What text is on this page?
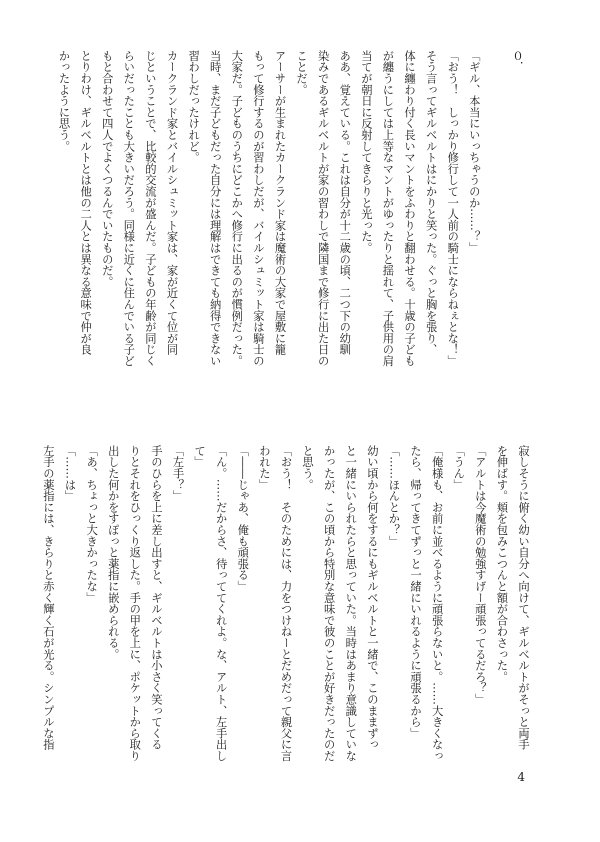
０．

「ギル、本当にいっちゃうのか……？」

「おう！　しっかり修行して一人前の騎士にならねぇとな！」

そう言ってギルベルトはにかりと笑った。ぐっと胸を張り、

体に纏わり付く長いマントをふわりと翻わせる。十歳の子ども

が纏うにしては上等なマントがゆったりと揺れて、子供用の肩

当てが朝日に反射してきらりと光った。

ああ、覚えている。これは自分が十二歳の頃、二つ下の幼馴

染みであるギルベルトが家の習わしで隣国まで修行に出た日の

ことだ。

アーサーが生まれたカークランド家は魔術の大家で屋敷に籠

もって修行するのが習わしだが、バイルシュミット家は騎士の

大家だ。子どものうちにどこかへ修行に出るのが慣例だった。

当時、まだ子どもだった自分には理解はできても納得できない

習わしだったけれど。

カークランド家とバイルシュミット家は、家が近くて位が同

じということで、比較的交流が盛んだ。子どもの年齢が同じく

らいだったことも大きいだろう。同様に近くに住んでいる子ど

もと合わせて四人でよくつるんでいたものだ。

とりわけ、ギルベルトとは他の二人とは異なる意味で仲が良

かったように思う。

寂しそうに俯く幼い自分へ向けて、ギルベルトがそっと両手

を伸ばす。頬を包みこつんと額が合わさった。

「アルトは今魔術の勉強すげー頑張ってるだろ？」

「うん」

「俺様も、お前に並べるように頑張らないと。……大きくなっ

たら、帰ってきてずっと一緒にいれるように頑張るから」

「……ほんとか？」

幼い頃から何をするにもギルベルトと一緒で、このままずっ

と一緒にいられたらと思っていた。当時はあまり意識していな

かったが、この頃から特別な意味で彼のことが好きだったのだ

と思う。

「おう！　そのためには、力をつけねーとだめだって親父に言

われた」

「――じゃあ、俺も頑張る」

「ん。……だからさ、待っててくれよ。な、アルト、左手出し

て」

「左手？」

手のひらを上に差し出すと、ギルベルトは小さく笑ってくる

りとそれをひっくり返した。手の甲を上に、ポケットから取り

出した何かをすぽっと薬指に嵌められる。

「あ、ちょっと大きかったな」

「……は」

左手の薬指には、きらりと赤く輝く石が光る。シンプルな指

4
